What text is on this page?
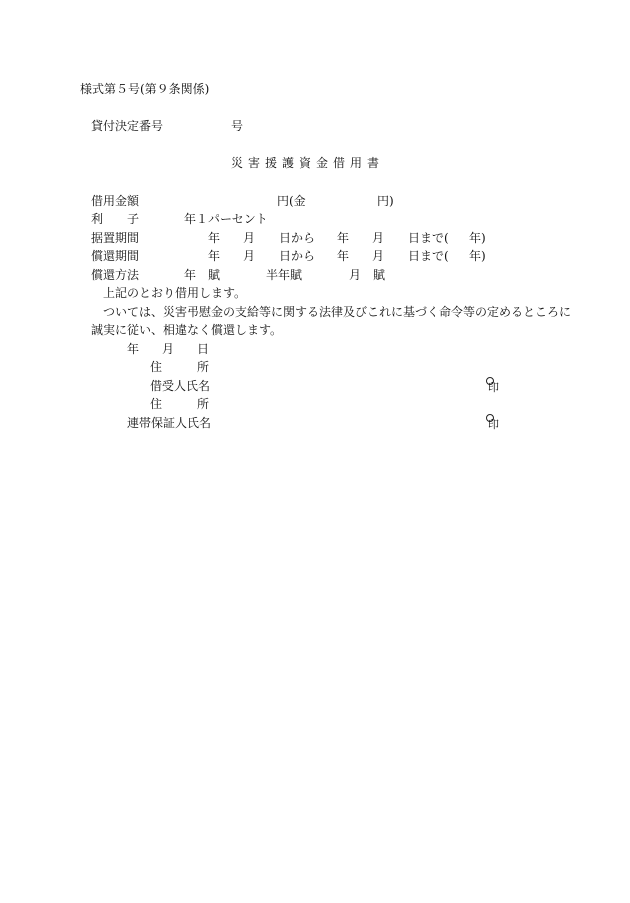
様式第５号(第９条関係)
貸付決定番号	号
災害援護資金借用書
借用金額	円(金	円)
利 子	年１パーセント
据置期間	年 月 日から 年 月 日まで( 年)
償還期間	年 月 日から 年 月 日まで( 年)
償還方法	年　賦	半年賦	月　賦
上記のとおり借用します。
ついては、災害弔慰金の支給等に関する法律及びこれに基づく命令等の定めるところに
誠実に従い、相違なく償還します。
年 月 日
住	所
借受人氏名	印
住	所
連帯保証人氏名	印
